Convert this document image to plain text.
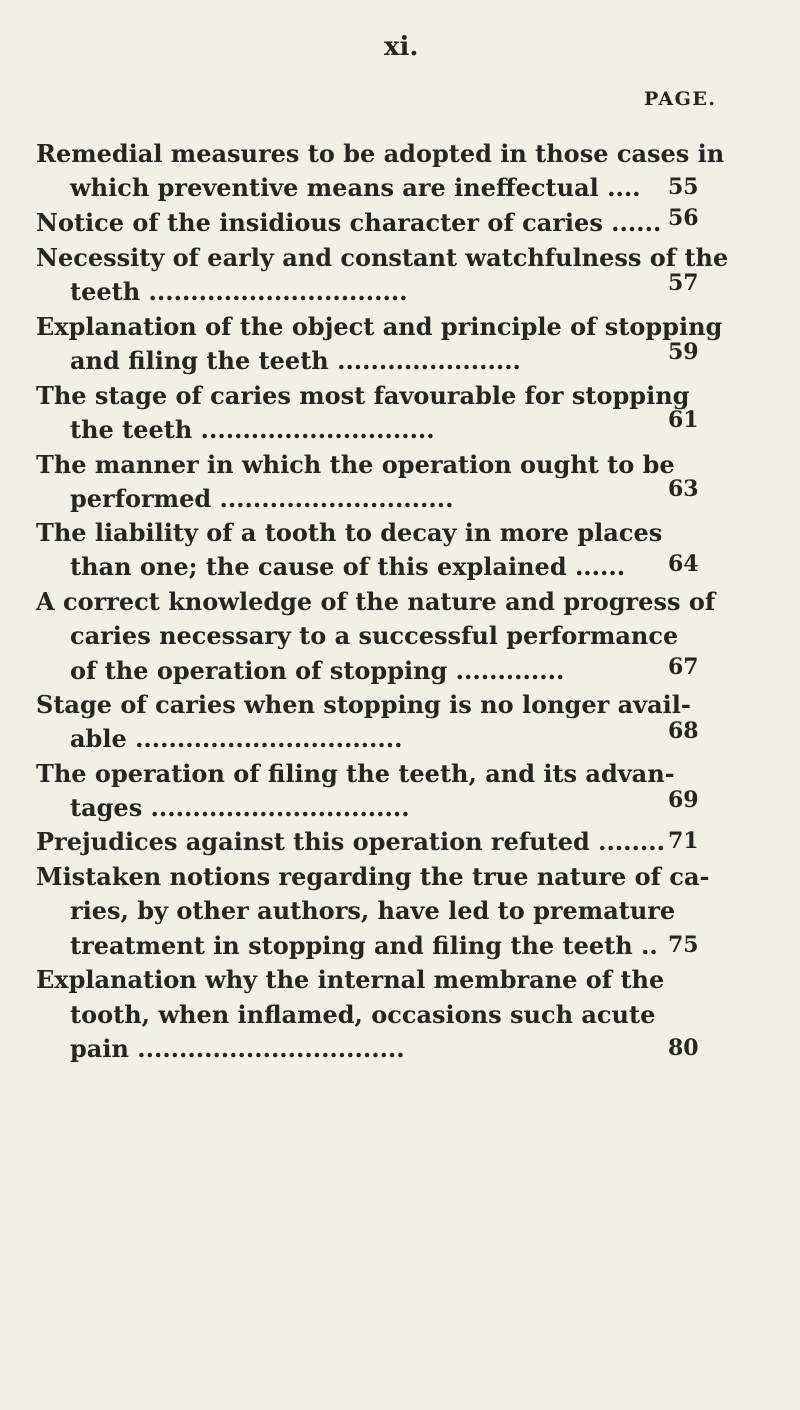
xi.
PAGE.
Remedial measures to be adopted in those cases in
which preventive means are ineffectual .... 55
Notice of the insidious character of caries ...... 56
Necessity of early and constant watchfulness of the
teeth ...............................	57
Explanation of the object and principle of stopping
and filing the teeth ......................	59
The stage of caries most favourable for stopping
the teeth ............................	61
The manner in which the operation ought to be
performed ............................	63
The liability of a tooth to decay in more places
than one; the cause of this explained ...... 64
A correct knowledge of the nature and progress of
caries necessary to a successful performance
of the operation of stopping .............	67
Stage of caries when stopping is no longer avail-
able ................................	68
The operation of filing the teeth, and its advan-
tages ...............................	69
Prejudices against this operation refuted ........ 71
Mistaken notions regarding the true nature of ca-
ries, by other authors, have led to premature
treatment in stopping and filing the teeth .. 75
Explanation why the internal membrane of the
tooth, when inflamed, occasions such acute
pain ................................	80
